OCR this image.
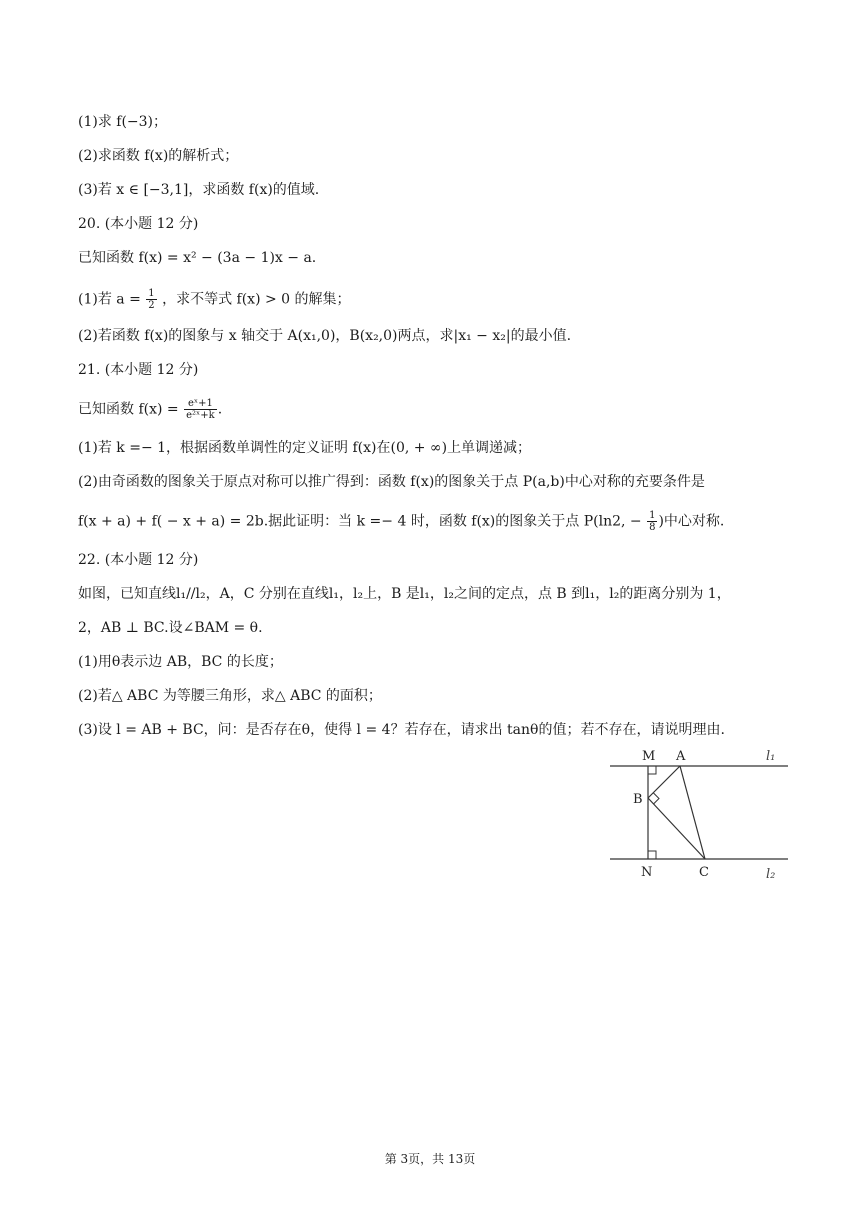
(1)求 f(−3)；
(2)求函数 f(x)的解析式；
(3)若 x ∈ [−3,1]，求函数 f(x)的值域.
20. (本小题 12 分)
已知函数 f(x) = x² − (3a − 1)x − a.
(1)若 $a = \frac{1}{2}$ ，求不等式 f(x) > 0 的解集；
(2)若函数 f(x)的图象与 x 轴交于 A(x₁,0)，B(x₂,0)两点，求|x₁ − x₂|的最小值.
21. (本小题 12 分)
已知函数 $f(x) = \frac{\text{eˣ+1}}{\text{e²ˣ+k}}$ .
(1)若 k =− 1，根据函数单调性的定义证明 f(x)在(0, + ∞)上单调递减；
(2)由奇函数的图象关于原点对称可以推广得到：函数 f(x)的图象关于点 P(a,b)中心对称的充要条件是
f(x + a) + f( − x + a) = 2b.据此证明：当 k =− 4 时，函数 f(x)的图象关于点 P(ln2, − $\frac{1}{8}$ )中心对称.
22. (本小题 12 分)
如图，已知直线l₁//l₂，A，C 分别在直线l₁，l₂上，B 是l₁，l₂之间的定点，点 B 到l₁，l₂的距离分别为 1，
2，AB ⊥ BC.设∠BAM = θ.
(1)用θ表示边 AB，BC 的长度；
(2)若△ ABC 为等腰三角形，求△ ABC 的面积；
(3)设 l = AB + BC，问：是否存在θ，使得 l = 4？若存在，请求出 tanθ的值；若不存在，请说明理由.
M A
B
N	C
l₁
l₂
第 3页，共 13页
